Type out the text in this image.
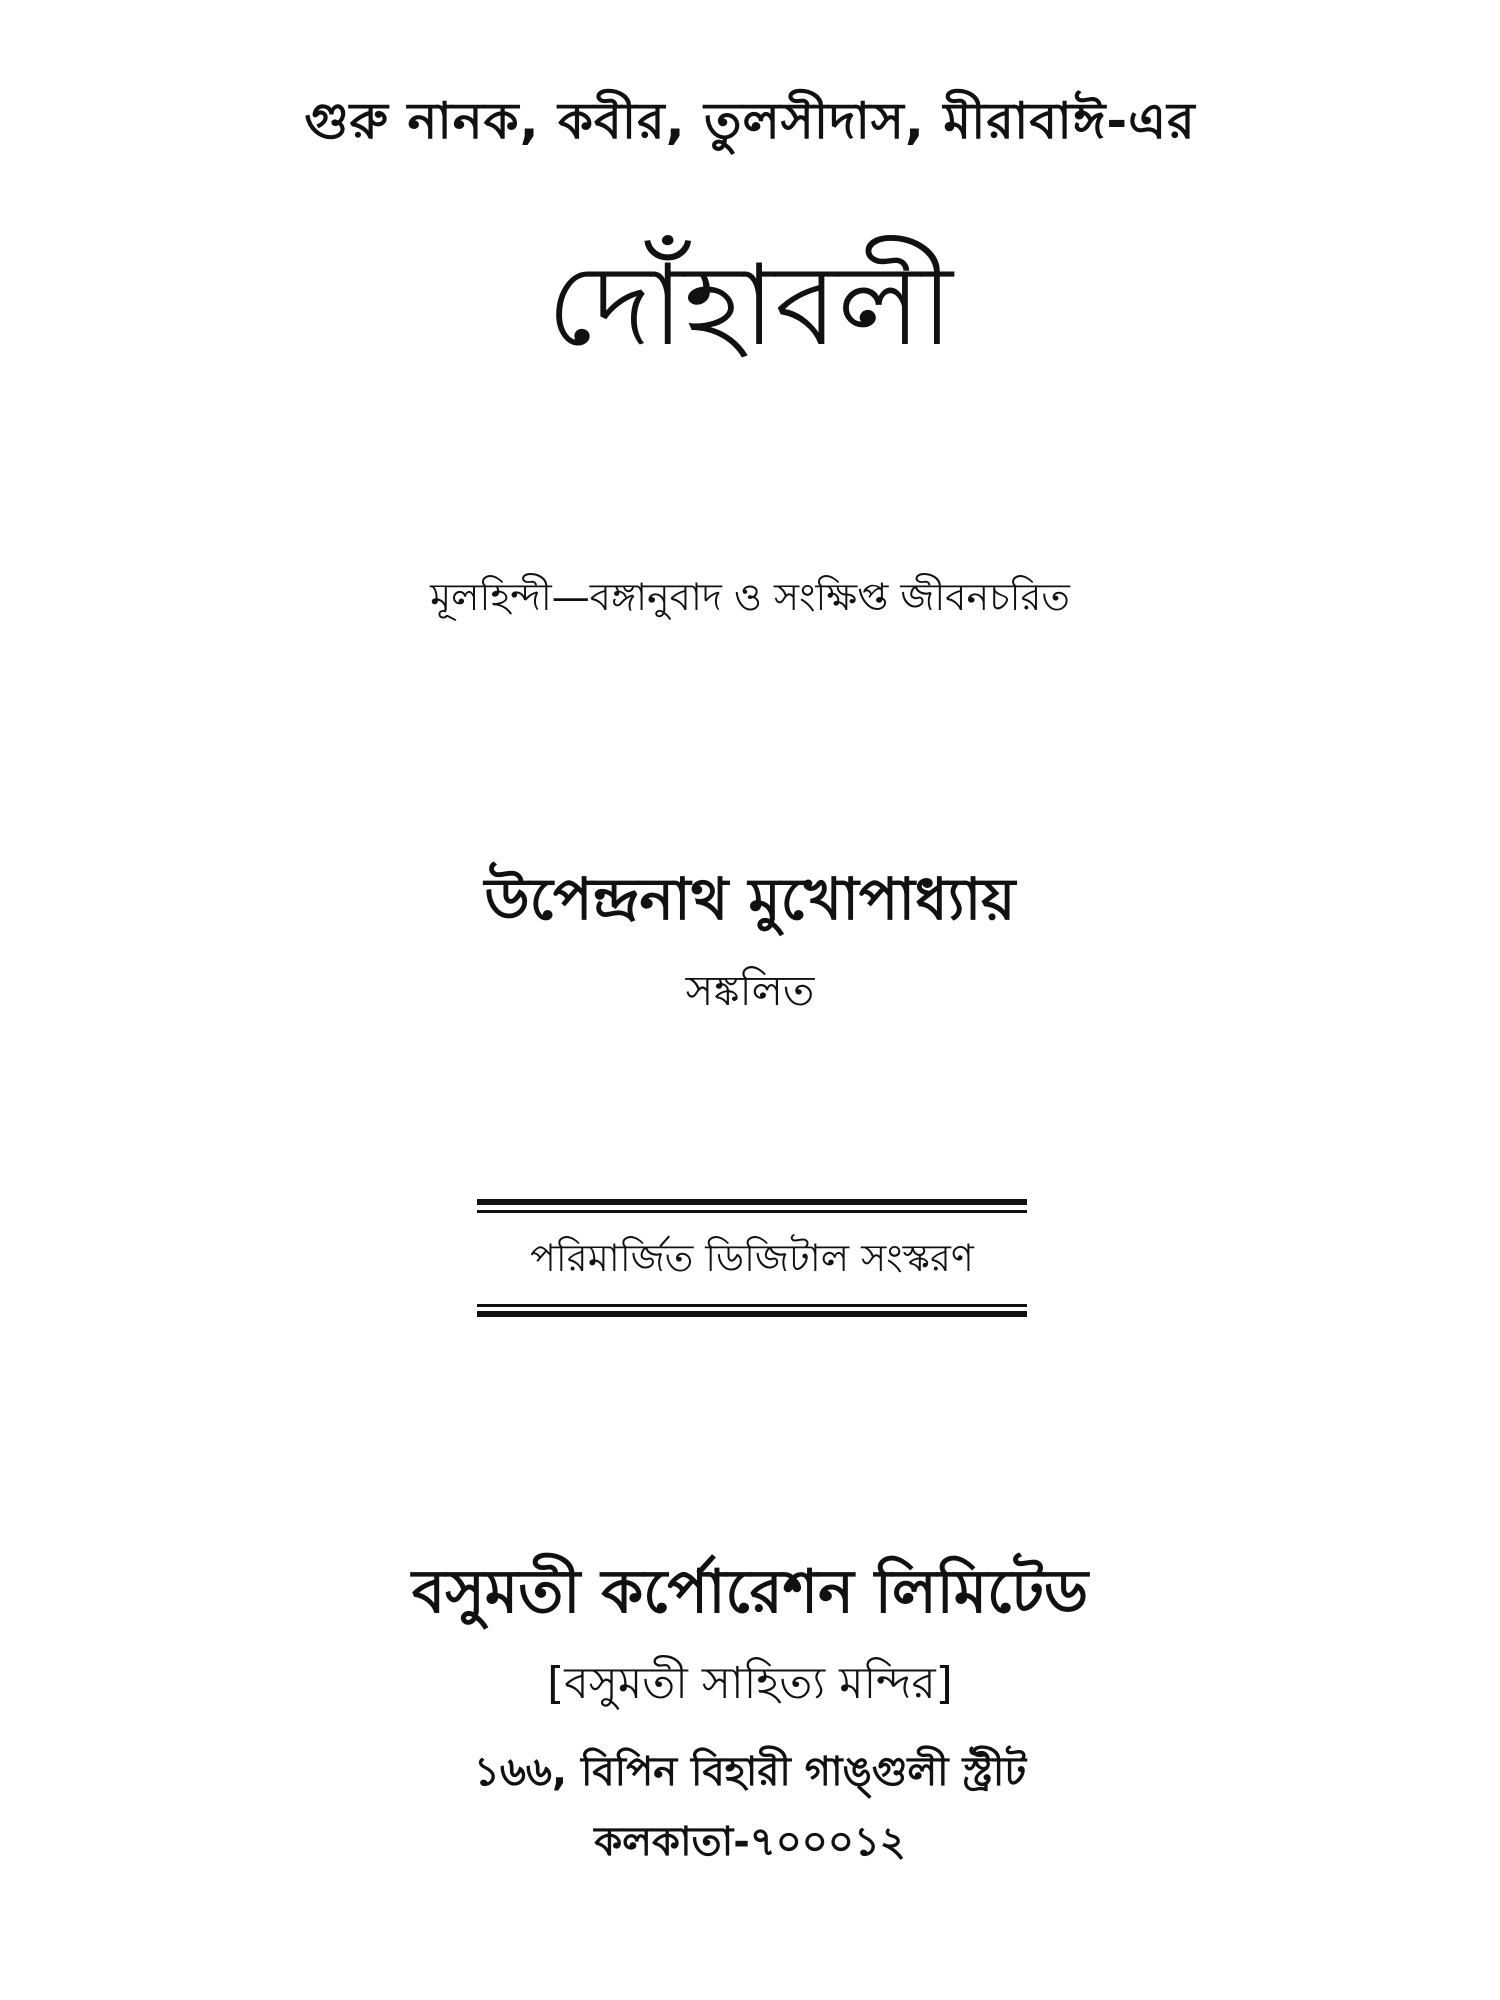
গুরু নানক, কবীর, তুলসীদাস, মীরাবাঈ-এর
দোঁহাবলী
মূলহিন্দী—বঙ্গানুবাদ ও সংক্ষিপ্ত জীবনচরিত
উপেন্দ্রনাথ মুখোপাধ্যায়
সঙ্কলিত
পরিমার্জিত ডিজিটাল সংস্করণ
বসুমতী কর্পোরেশন লিমিটেড
[বসুমতী সাহিত্য মন্দির]
১৬৬, বিপিন বিহারী গাঙ্গুলী স্ট্রীট
কলকাতা-৭০০০১২
